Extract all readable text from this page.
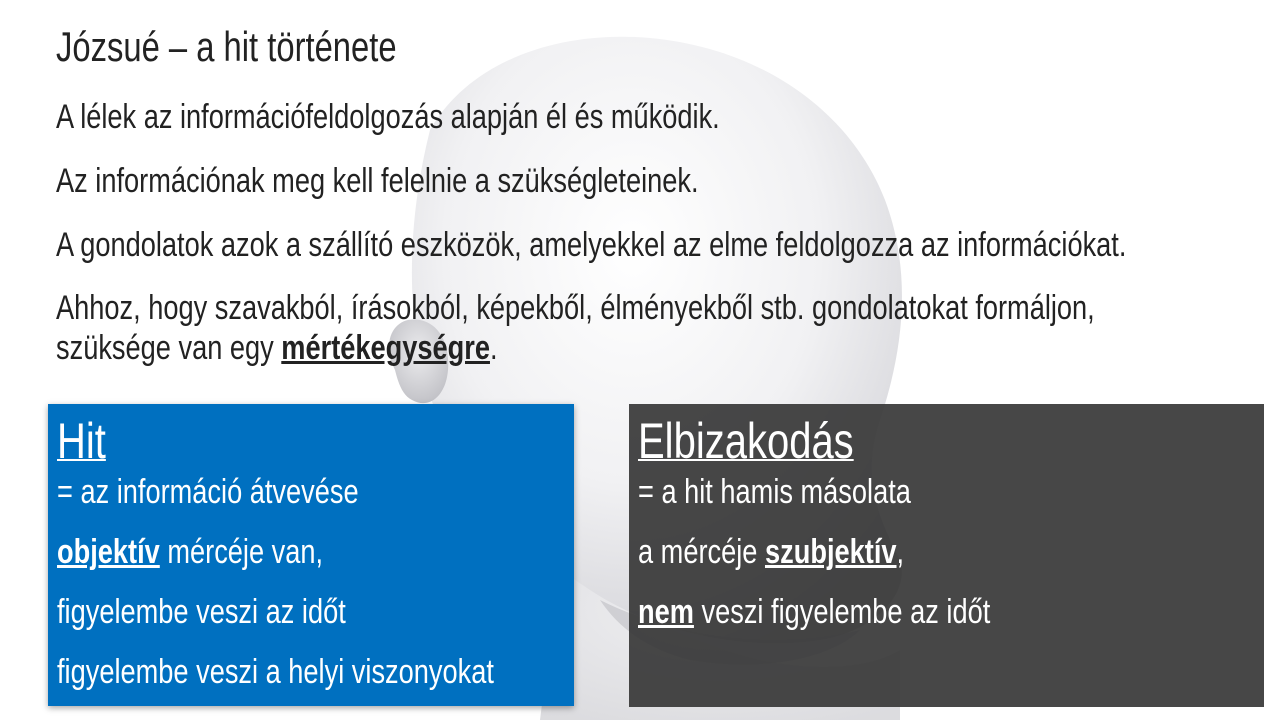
Józsué – a hit története
A lélek az információfeldolgozás alapján él és működik.
Az információnak meg kell felelnie a szükségleteinek.
A gondolatok azok a szállító eszközök, amelyekkel az elme feldolgozza az információkat.
Ahhoz, hogy szavakból, írásokból, képekből, élményekből stb. gondolatokat formáljon,
szüksége van egy mértékegységre.
Hit
= az információ átvevése
objektív mércéje van,
figyelembe veszi az időt
figyelembe veszi a helyi viszonyokat
Elbizakodás
= a hit hamis másolata
a mércéje szubjektív,
nem veszi figyelembe az időt
